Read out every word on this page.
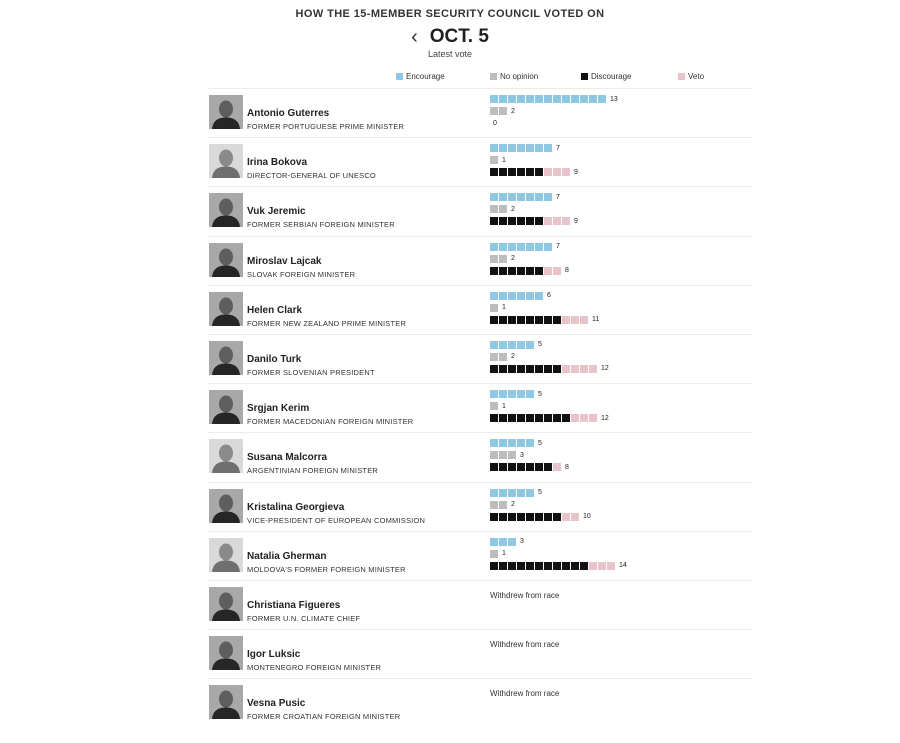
HOW THE 15-MEMBER SECURITY COUNCIL VOTED ON
‹ OCT. 5
Latest vote
Encourage	No opinion	Discourage	Veto
Antonio Guterres
FORMER PORTUGUESE PRIME MINISTER
13
2
0
Irina Bokova
DIRECTOR-GENERAL OF UNESCO
7
1
9
Vuk Jeremic
FORMER SERBIAN FOREIGN MINISTER
7
2
9
Miroslav Lajcak
SLOVAK FOREIGN MINISTER
7
2
8
Helen Clark
FORMER NEW ZEALAND PRIME MINISTER
6
1
11
Danilo Turk
FORMER SLOVENIAN PRESIDENT
5
2
12
Srgjan Kerim
FORMER MACEDONIAN FOREIGN MINISTER
5
1
12
Susana Malcorra
ARGENTINIAN FOREIGN MINISTER
5
3
8
Kristalina Georgieva
VICE-PRESIDENT OF EUROPEAN COMMISSION
5
2
10
Natalia Gherman
MOLDOVA'S FORMER FOREIGN MINISTER
3
1
14
Christiana Figueres
FORMER U.N. CLIMATE CHIEF
Withdrew from race
Igor Luksic
MONTENEGRO FOREIGN MINISTER
Withdrew from race
Vesna Pusic
FORMER CROATIAN FOREIGN MINISTER
Withdrew from race
